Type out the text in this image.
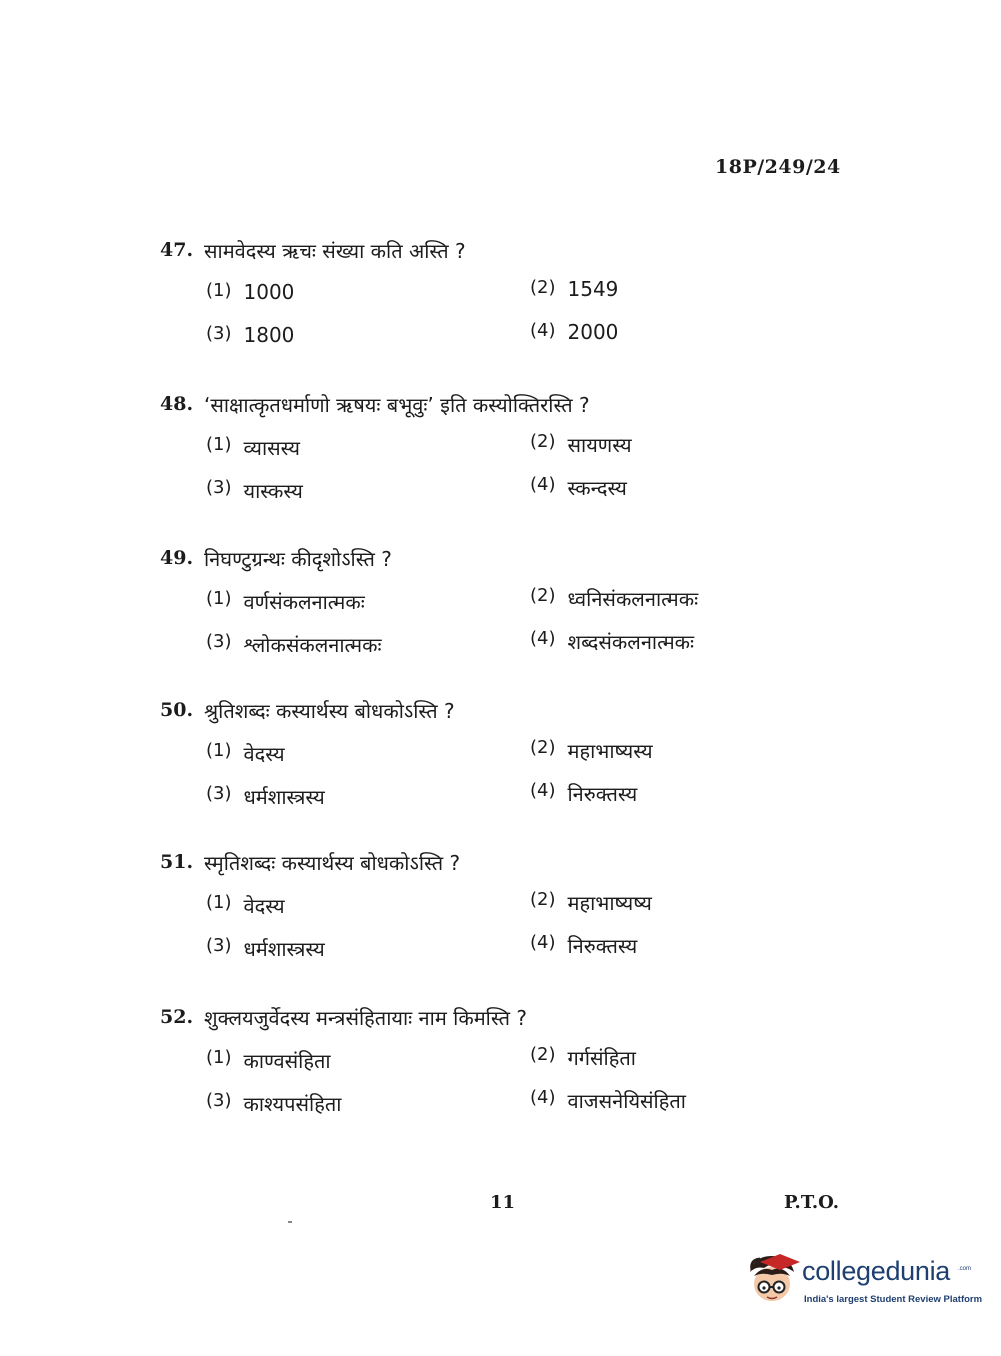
18P/249/24
47. सामवेदस्य ऋचः संख्या कति अस्ति ?
(1) 1000	(2) 1549
(3) 1800	(4) 2000
48. ‘साक्षात्कृतधर्माणो ऋषयः बभूवुः’ इति कस्योक्तिरस्ति ?
(1) व्यासस्य	(2) सायणस्य
(3) यास्कस्य	(4) स्कन्दस्य
49. निघण्टुग्रन्थः कीदृशोऽस्ति ?
(1) वर्णसंकलनात्मकः	(2) ध्वनिसंकलनात्मकः
(3) श्लोकसंकलनात्मकः	(4) शब्दसंकलनात्मकः
50. श्रुतिशब्दः कस्यार्थस्य बोधकोऽस्ति ?
(1) वेदस्य	(2) महाभाष्यस्य
(3) धर्मशास्त्रस्य	(4) निरुक्तस्य
51. स्मृतिशब्दः कस्यार्थस्य बोधकोऽस्ति ?
(1) वेदस्य	(2) महाभाष्यष्य
(3) धर्मशास्त्रस्य	(4) निरुक्तस्य
52. शुक्लयजुर्वेदस्य मन्त्रसंहितायाः नाम किमस्ति ?
(1) काण्वसंहिता	(2) गर्गसंहिता
(3) काश्यपसंहिता	(4) वाजसनेयिसंहिता
11	P.T.O.
collegedunia .com
India's largest Student Review Platform
